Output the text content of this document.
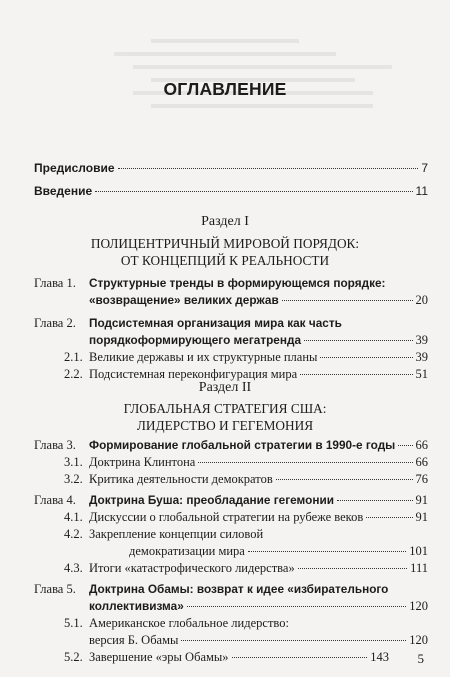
ОГЛАВЛЕНИЕ
Предисловие	7
Введение	11
Раздел I
ПОЛИЦЕНТРИЧНЫЙ МИРОВОЙ ПОРЯДОК:
ОТ КОНЦЕПЦИЙ К РЕАЛЬНОСТИ
Глава 1. Структурные тренды в формирующемся порядке:
«возвращение» великих держав	20
Глава 2. Подсистемная организация мира как часть
порядкоформирующего мегатренда	39
2.1. Великие державы и их структурные планы	39
2.2. Подсистемная переконфигурация мира	51
Раздел II
ГЛОБАЛЬНАЯ СТРАТЕГИЯ США:
ЛИДЕРСТВО И ГЕГЕМОНИЯ
Глава 3. Формирование глобальной стратегии в 1990-е годы 66
3.1. Доктрина Клинтона	66
3.2. Критика деятельности демократов	76
Глава 4. Доктрина Буша: преобладание гегемонии	91
4.1. Дискуссии о глобальной стратегии на рубеже веков	91
4.2. Закрепление концепции силовой
демократизации мира	101
4.3. Итоги «катастрофического лидерства»	111
Глава 5. Доктрина Обамы: возврат к идее «избирательного
коллективизма»	120
5.1. Американское глобальное лидерство:
версия Б. Обамы	120
5.2. Завершение «эры Обамы»	143 5
